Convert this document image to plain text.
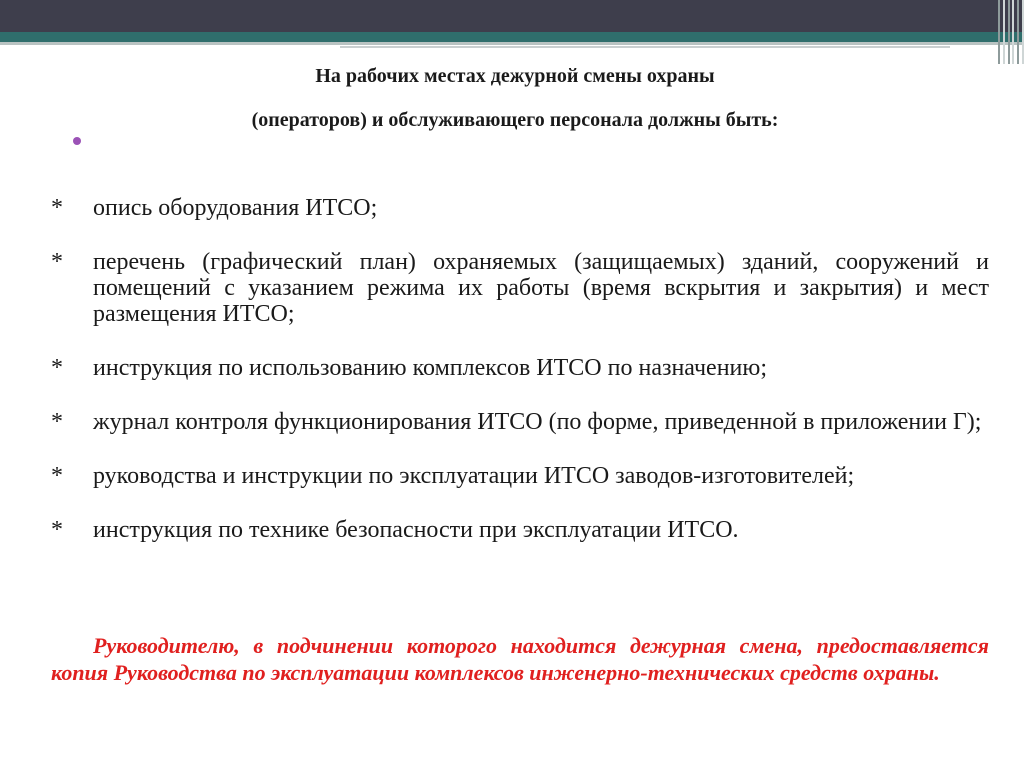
На рабочих местах дежурной смены охраны
(операторов) и обслуживающего персонала должны быть:
*	опись оборудования ИТСО;
*	перечень (графический план) охраняемых (защищаемых) зданий, сооружений и помещений с указанием режима их работы (время вскрытия и закрытия) и мест размещения ИТСО;
*	инструкция по использованию комплексов ИТСО по назначению;
*	журнал контроля функционирования ИТСО (по форме, приведенной в приложении Г);
*	руководства и инструкции по эксплуатации ИТСО заводов-изготовителей;
*	инструкция по технике безопасности при эксплуатации ИТСО.
Руководителю, в подчинении которого находится дежурная смена, предоставляется копия Руководства по эксплуатации комплексов инженерно-технических средств охраны.
